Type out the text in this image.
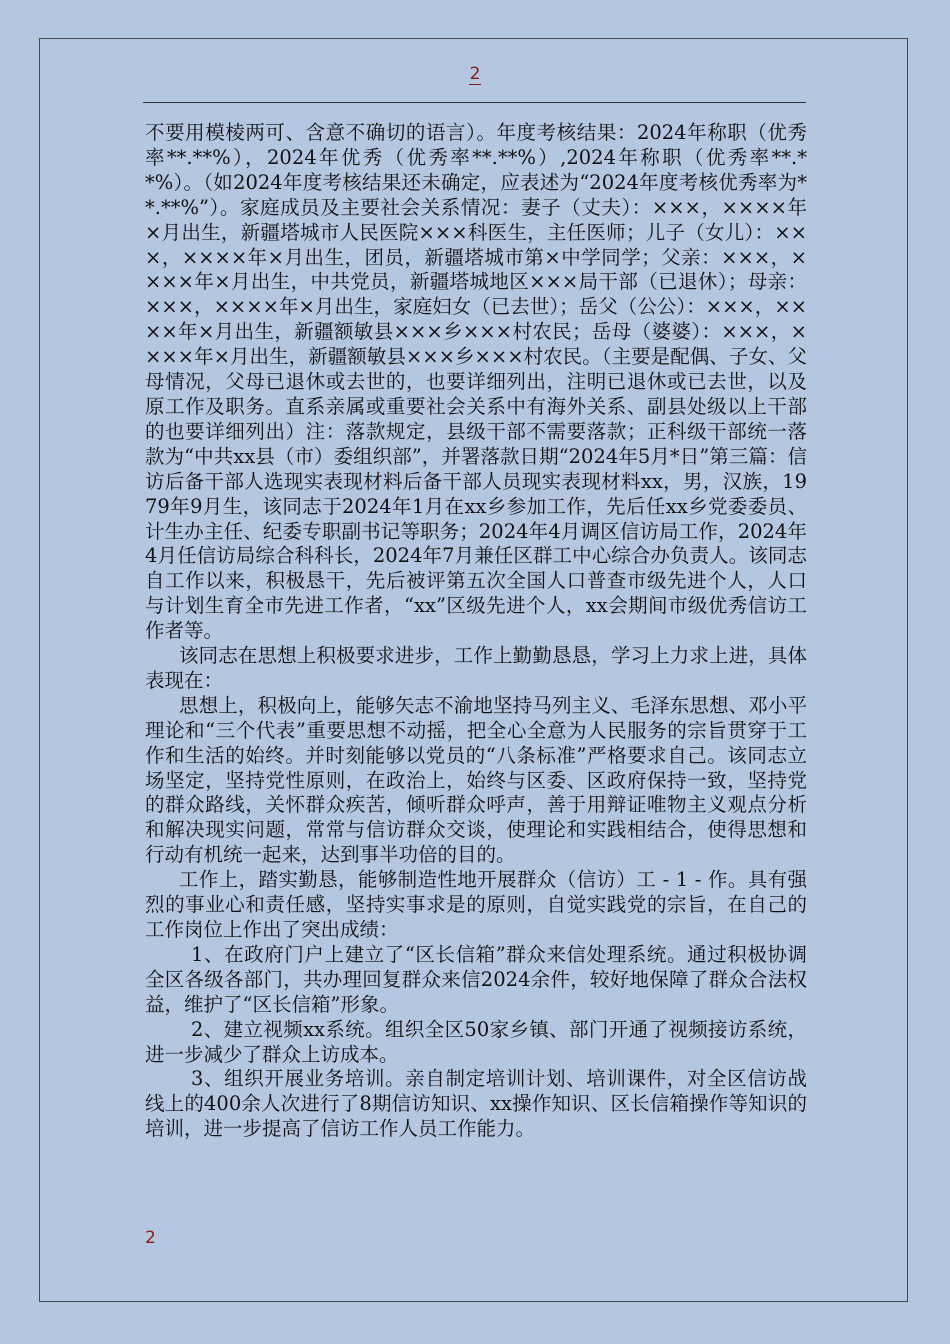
2

不要用模棱两可、含意不确切的语言）。年度考核结果：2024年称职（优秀率**.**%），2024年优秀（优秀率**.**%）,2024年称职（优秀率**.**%）。（如2024年度考核结果还未确定，应表述为“2024年度考核优秀率为**.**%”）。家庭成员及主要社会关系情况：妻子（丈夫）：×××，××××年×月出生，新疆塔城市人民医院×××科医生，主任医师；儿子（女儿）：×××，××××年×月出生，团员，新疆塔城市第×中学同学；父亲：×××，××××年×月出生，中共党员，新疆塔城地区×××局干部（已退休）；母亲：×××，××××年×月出生，家庭妇女（已去世）；岳父（公公）：×××，××××年×月出生，新疆额敏县×××乡×××村农民；岳母（婆婆）：×××，××××年×月出生，新疆额敏县×××乡×××村农民。（主要是配偶、子女、父母情况，父母已退休或去世的，也要详细列出，注明已退休或已去世，以及原工作及职务。直系亲属或重要社会关系中有海外关系、副县处级以上干部的也要详细列出）注：落款规定，县级干部不需要落款；正科级干部统一落款为“中共xx县（市）委组织部”，并署落款日期“2024年5月*日”第三篇：信访后备干部人选现实表现材料后备干部人员现实表现材料xx，男，汉族，1979年9月生，该同志于2024年1月在xx乡参加工作，先后任xx乡党委委员、计生办主任、纪委专职副书记等职务；2024年4月调区信访局工作，2024年4月任信访局综合科科长，2024年7月兼任区群工中心综合办负责人。该同志自工作以来，积极恳干，先后被评第五次全国人口普查市级先进个人，人口与计划生育全市先进工作者，“xx”区级先进个人，xx会期间市级优秀信访工作者等。

该同志在思想上积极要求进步，工作上勤勤恳恳，学习上力求上进，具体表现在：

思想上，积极向上，能够矢志不渝地坚持马列主义、毛泽东思想、邓小平理论和“三个代表”重要思想不动摇，把全心全意为人民服务的宗旨贯穿于工作和生活的始终。并时刻能够以党员的“八条标准”严格要求自己。该同志立场坚定，坚持党性原则，在政治上，始终与区委、区政府保持一致，坚持党的群众路线，关怀群众疾苦，倾听群众呼声，善于用辩证唯物主义观点分析和解决现实问题，常常与信访群众交谈，使理论和实践相结合，使得思想和行动有机统一起来，达到事半功倍的目的。

工作上，踏实勤恳，能够制造性地开展群众（信访）工 - 1 - 作。具有强烈的事业心和责任感，坚持实事求是的原则，自觉实践党的宗旨，在自己的工作岗位上作出了突出成绩：

1、在政府门户上建立了“区长信箱”群众来信处理系统。通过积极协调全区各级各部门，共办理回复群众来信2024余件，较好地保障了群众合法权益，维护了“区长信箱”形象。

2、建立视频xx系统。组织全区50家乡镇、部门开通了视频接访系统，进一步减少了群众上访成本。

3、组织开展业务培训。亲自制定培训计划、培训课件，对全区信访战线上的400余人次进行了8期信访知识、xx操作知识、区长信箱操作等知识的培训，进一步提高了信访工作人员工作能力。

2
